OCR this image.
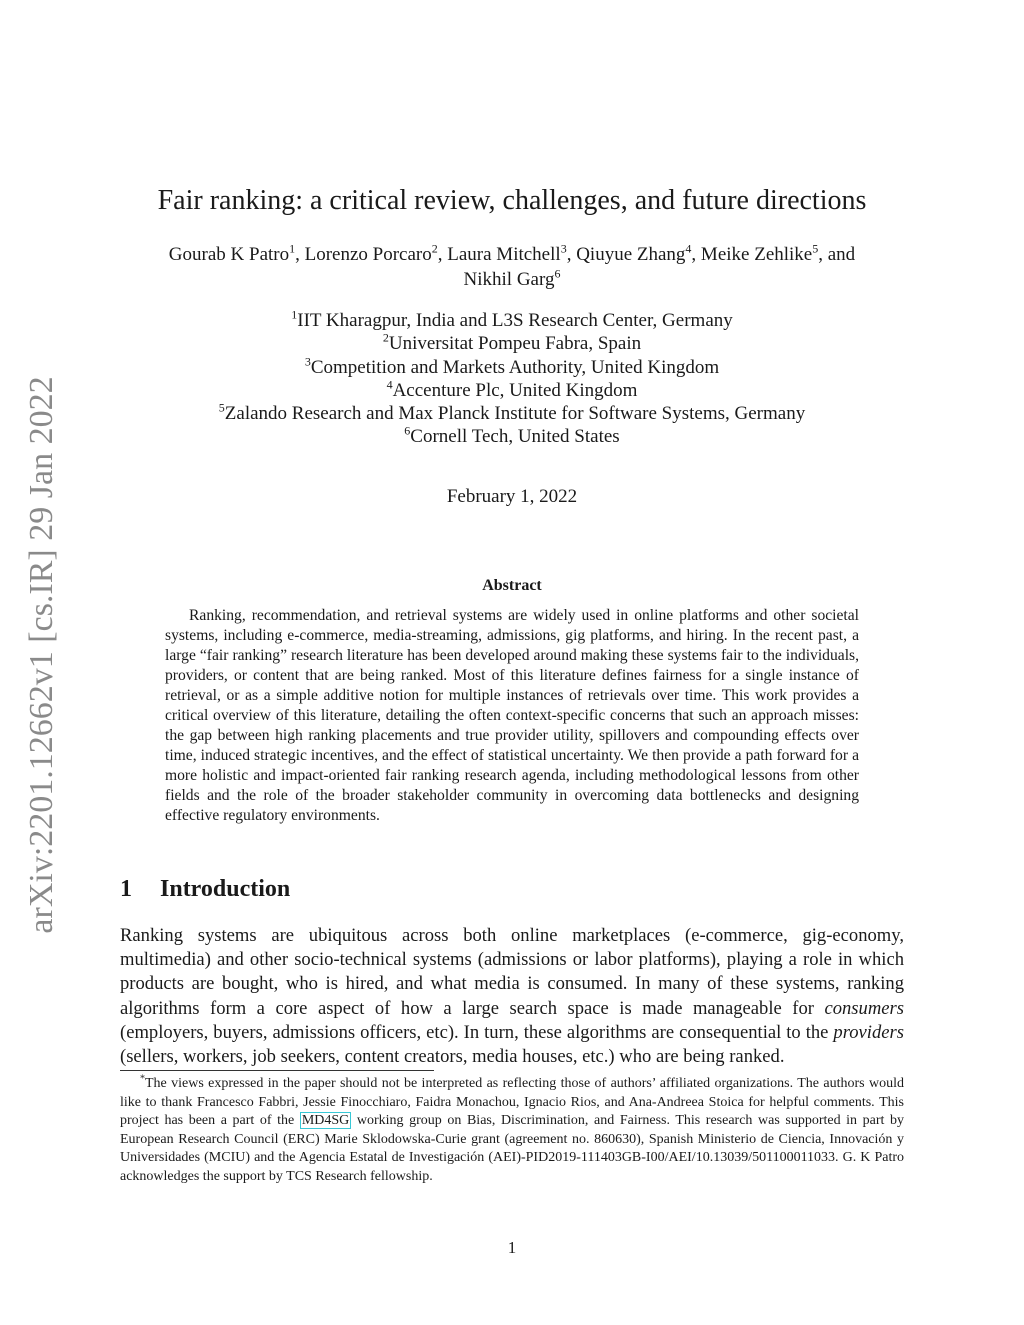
arXiv:2201.12662v1 [cs.IR] 29 Jan 2022
Fair ranking: a critical review, challenges, and future directions
Gourab K Patro$^1$, Lorenzo Porcaro$^2$, Laura Mitchell$^3$, Qiuyue Zhang$^4$, Meike Zehlike$^5$, and
Nikhil Garg$^6$
$^1$IIT Kharagpur, India and L3S Research Center, Germany
$^2$Universitat Pompeu Fabra, Spain
$^3$Competition and Markets Authority, United Kingdom
$^4$Accenture Plc, United Kingdom
$^5$Zalando Research and Max Planck Institute for Software Systems, Germany
$^6$Cornell Tech, United States
February 1, 2022
Abstract

Ranking, recommendation, and retrieval systems are widely used in online platforms and other societal systems, including e-commerce, media-streaming, admissions, gig platforms, and hiring. In the recent past, a large “fair ranking” research literature has been developed around making these systems fair to the individuals, providers, or content that are being ranked. Most of this literature defines fairness for a single instance of retrieval, or as a simple additive notion for multiple instances of retrievals over time. This work provides a critical overview of this literature, detailing the often context-specific concerns that such an approach misses: the gap between high ranking placements and true provider utility, spillovers and compounding effects over time, induced strategic incentives, and the effect of statistical uncertainty. We then provide a path forward for a more holistic and impact-oriented fair ranking research agenda, including methodological lessons from other fields and the role of the broader stakeholder community in overcoming data bottlenecks and designing effective regulatory environments.

1 Introduction

Ranking systems are ubiquitous across both online marketplaces (e-commerce, gig-economy, multimedia) and other socio-technical systems (admissions or labor platforms), playing a role in which products are bought, who is hired, and what media is consumed. In many of these systems, ranking algorithms form a core aspect of how a large search space is made manageable for consumers (employers, buyers, admissions officers, etc). In turn, these algorithms are consequential to the providers (sellers, workers, job seekers, content creators, media houses, etc.) who are being ranked.

*The views expressed in the paper should not be interpreted as reflecting those of authors’ affiliated organizations. The authors would like to thank Francesco Fabbri, Jessie Finocchiaro, Faidra Monachou, Ignacio Rios, and Ana-Andreea Stoica for helpful comments. This project has been a part of the MD4SG working group on Bias, Discrimination, and Fairness. This research was supported in part by European Research Council (ERC) Marie Sklodowska-Curie grant (agreement no. 860630), Spanish Ministerio de Ciencia, Innovación y Universidades (MCIU) and the Agencia Estatal de Investigación (AEI)-PID2019-111403GB-I00/AEI/10.13039/501100011033. G. K Patro acknowledges the support by TCS Research fellowship.

1
